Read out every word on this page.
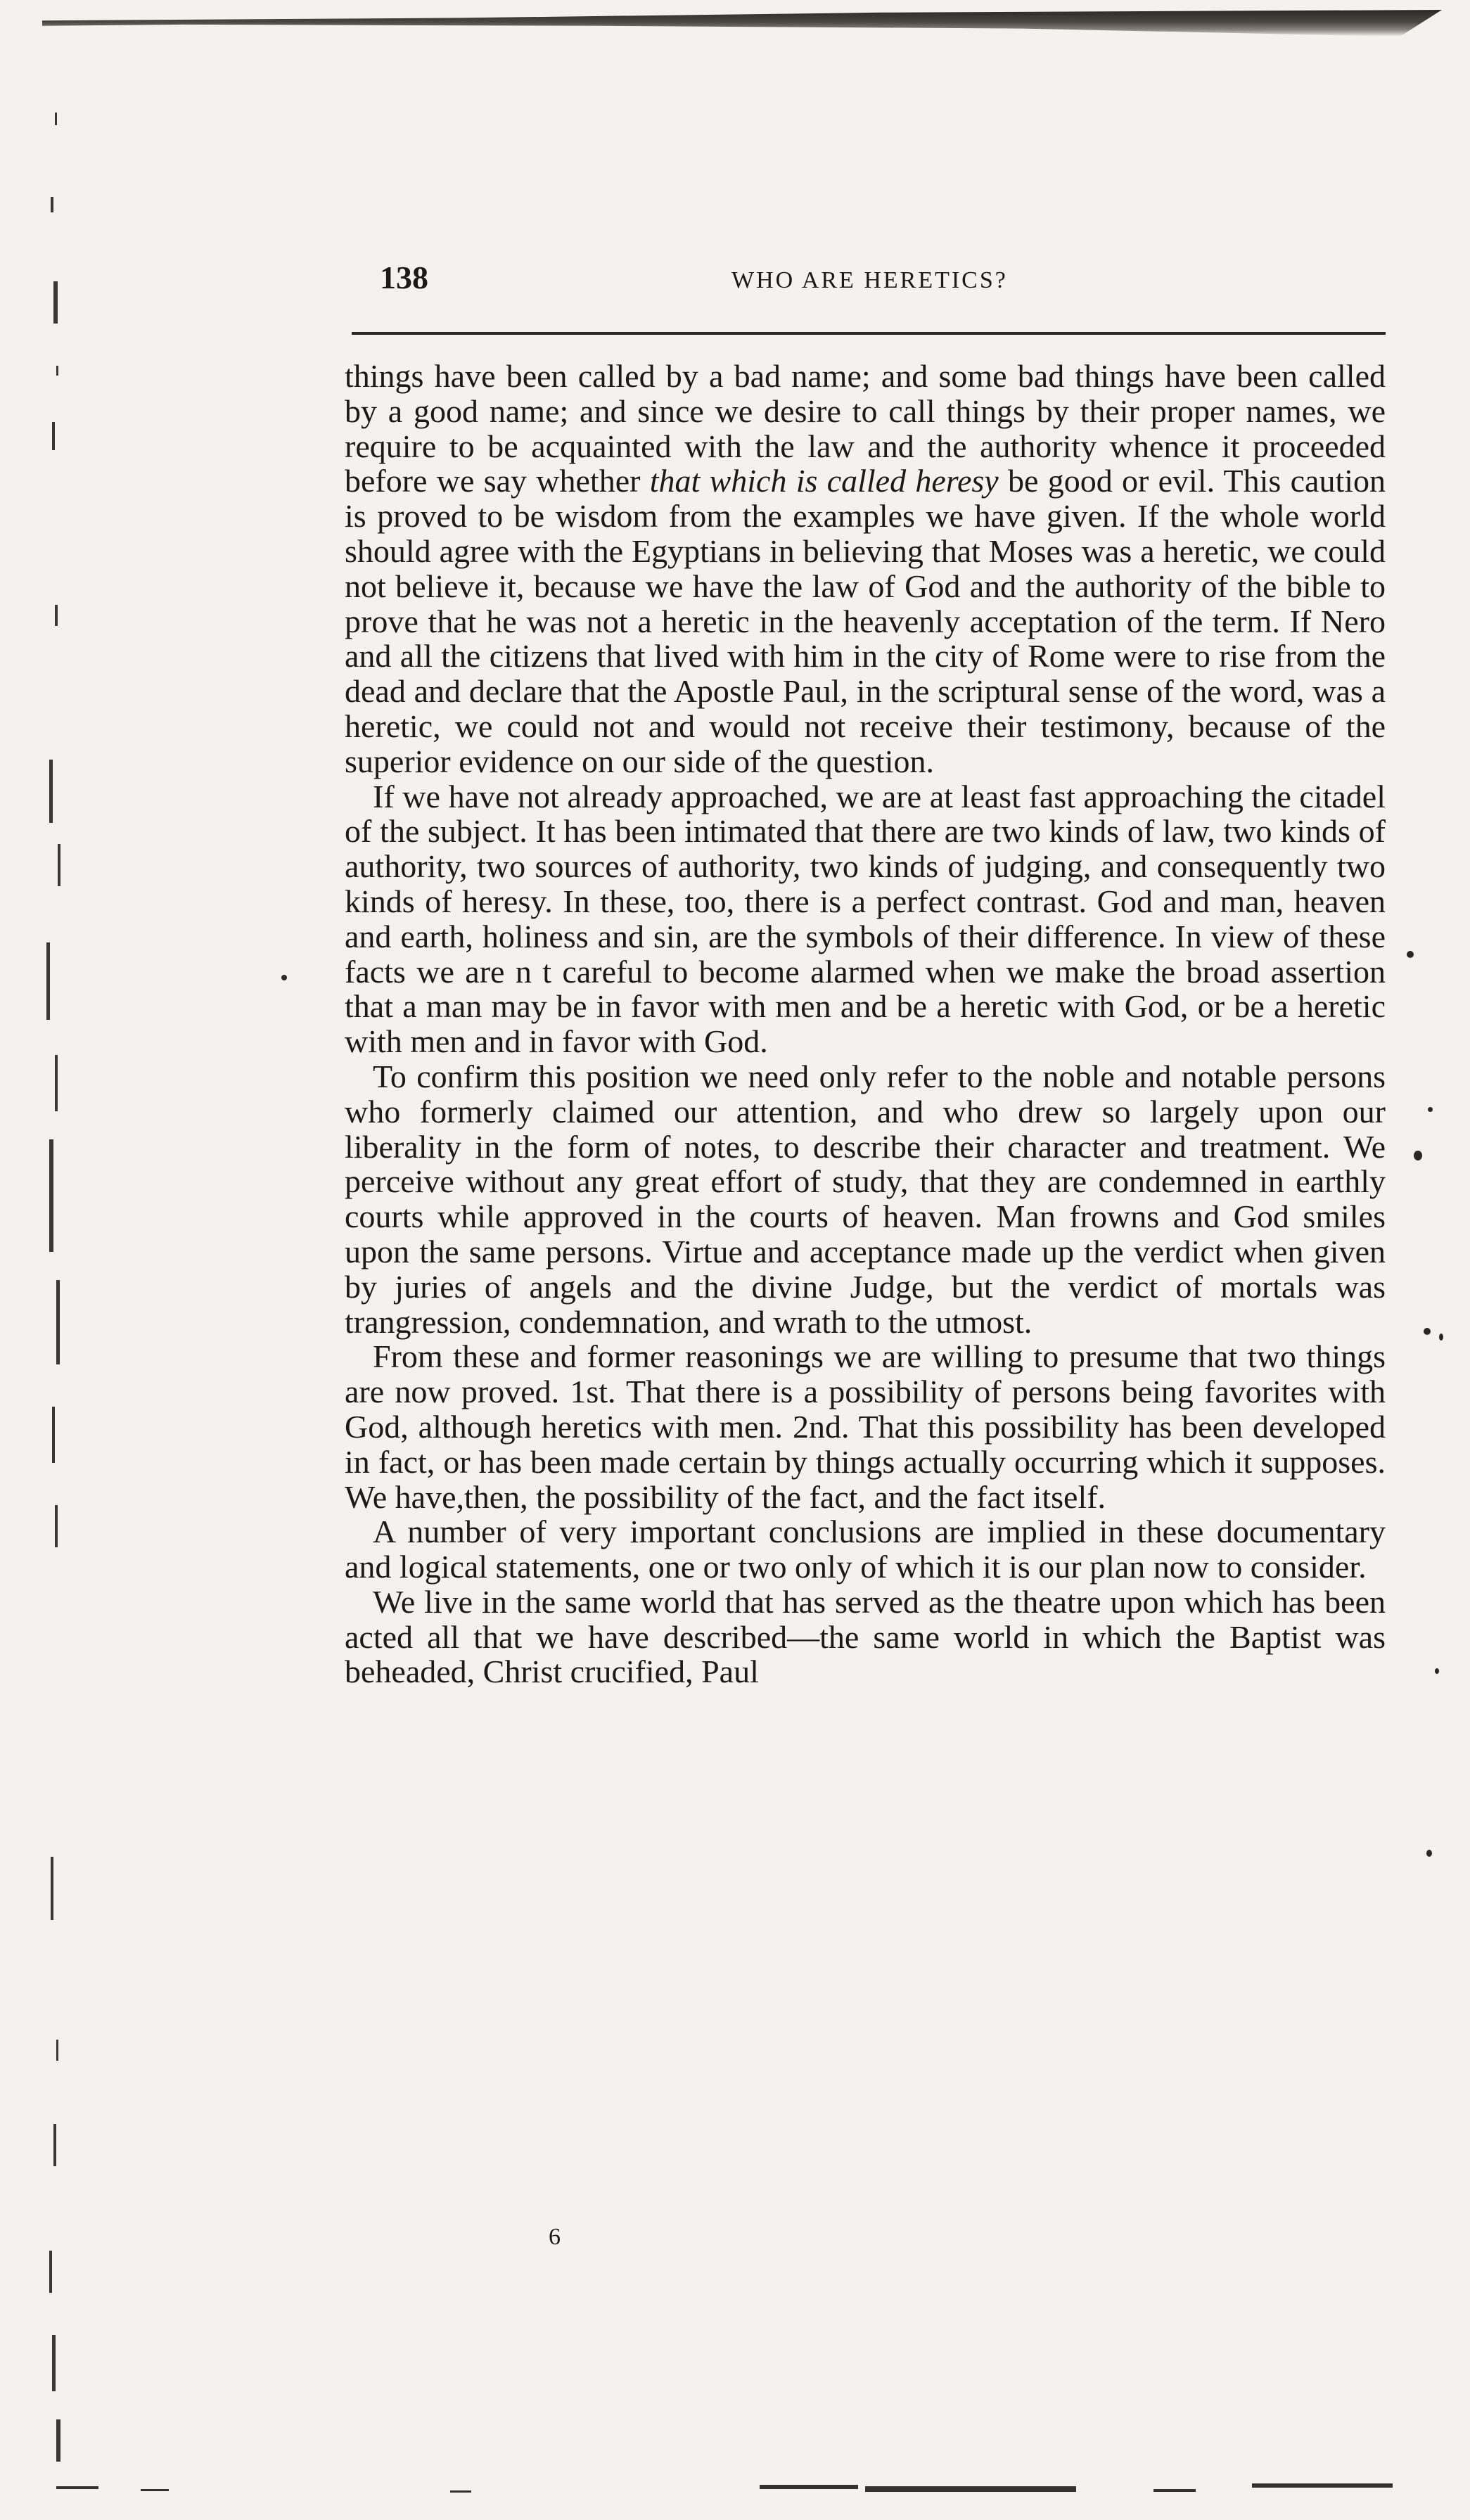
138	WHO ARE HERETICS?

things have been called by a bad name; and some bad things have been called by a good name; and since we desire to call things by their proper names, we require to be acquainted with the law and the authority whence it proceeded before we say whether that which is called heresy be good or evil. This caution is proved to be wisdom from the examples we have given. If the whole world should agree with the Egyptians in believing that Moses was a heretic, we could not believe it, because we have the law of God and the authority of the bible to prove that he was not a heretic in the heavenly acceptation of the term. If Nero and all the citizens that lived with him in the city of Rome were to rise from the dead and declare that the Apostle Paul, in the scriptural sense of the word, was a heretic, we could not and would not receive their testimony, because of the superior evidence on our side of the question.

If we have not already approached, we are at least fast approaching the citadel of the subject. It has been intimated that there are two kinds of law, two kinds of authority, two sources of authority, two kinds of judging, and consequently two kinds of heresy. In these, too, there is a perfect contrast. God and man, heaven and earth, holiness and sin, are the symbols of their difference. In view of these facts we are n t careful to become alarmed when we make the broad assertion that a man may be in favor with men and be a heretic with God, or be a heretic with men and in favor with God.

To confirm this position we need only refer to the noble and notable persons who formerly claimed our attention, and who drew so largely upon our liberality in the form of notes, to describe their character and treatment. We perceive without any great effort of study, that they are condemned in earthly courts while approved in the courts of heaven. Man frowns and God smiles upon the same persons. Virtue and acceptance made up the verdict when given by juries of angels and the divine Judge, but the verdict of mortals was trangression, condemnation, and wrath to the utmost.

From these and former reasonings we are willing to presume that two things are now proved. 1st. That there is a possibility of persons being favorites with God, although heretics with men. 2nd. That this possibility has been developed in fact, or has been made certain by things actually occurring which it supposes. We have,then, the possibility of the fact, and the fact itself.

A number of very important conclusions are implied in these documentary and logical statements, one or two only of which it is our plan now to consider.

We live in the same world that has served as the theatre upon which has been acted all that we have described—the same world in which the Baptist was beheaded, Christ crucified, Paul

6
